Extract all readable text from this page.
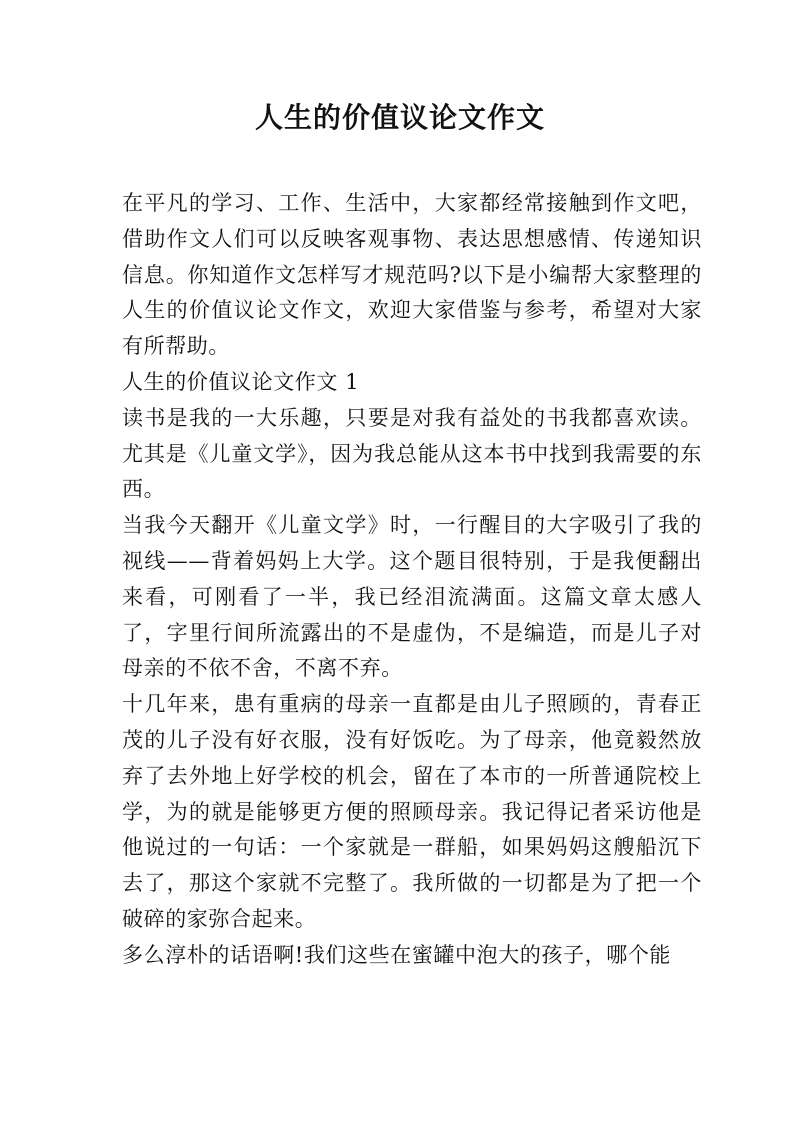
人生的价值议论文作文

在平凡的学习、工作、生活中，大家都经常接触到作文吧，借助作文人们可以反映客观事物、表达思想感情、传递知识信息。你知道作文怎样写才规范吗?以下是小编帮大家整理的人生的价值议论文作文，欢迎大家借鉴与参考，希望对大家有所帮助。

人生的价值议论文作文 1

读书是我的一大乐趣，只要是对我有益处的书我都喜欢读。尤其是《儿童文学》，因为我总能从这本书中找到我需要的东西。

当我今天翻开《儿童文学》时，一行醒目的大字吸引了我的视线——背着妈妈上大学。这个题目很特别，于是我便翻出来看，可刚看了一半，我已经泪流满面。这篇文章太感人了，字里行间所流露出的不是虚伪，不是编造，而是儿子对母亲的不依不舍，不离不弃。

十几年来，患有重病的母亲一直都是由儿子照顾的，青春正茂的儿子没有好衣服，没有好饭吃。为了母亲，他竟毅然放弃了去外地上好学校的机会，留在了本市的一所普通院校上学，为的就是能够更方便的照顾母亲。我记得记者采访他是他说过的一句话：一个家就是一群船，如果妈妈这艘船沉下去了，那这个家就不完整了。我所做的一切都是为了把一个破碎的家弥合起来。

多么淳朴的话语啊!我们这些在蜜罐中泡大的孩子，哪个能
